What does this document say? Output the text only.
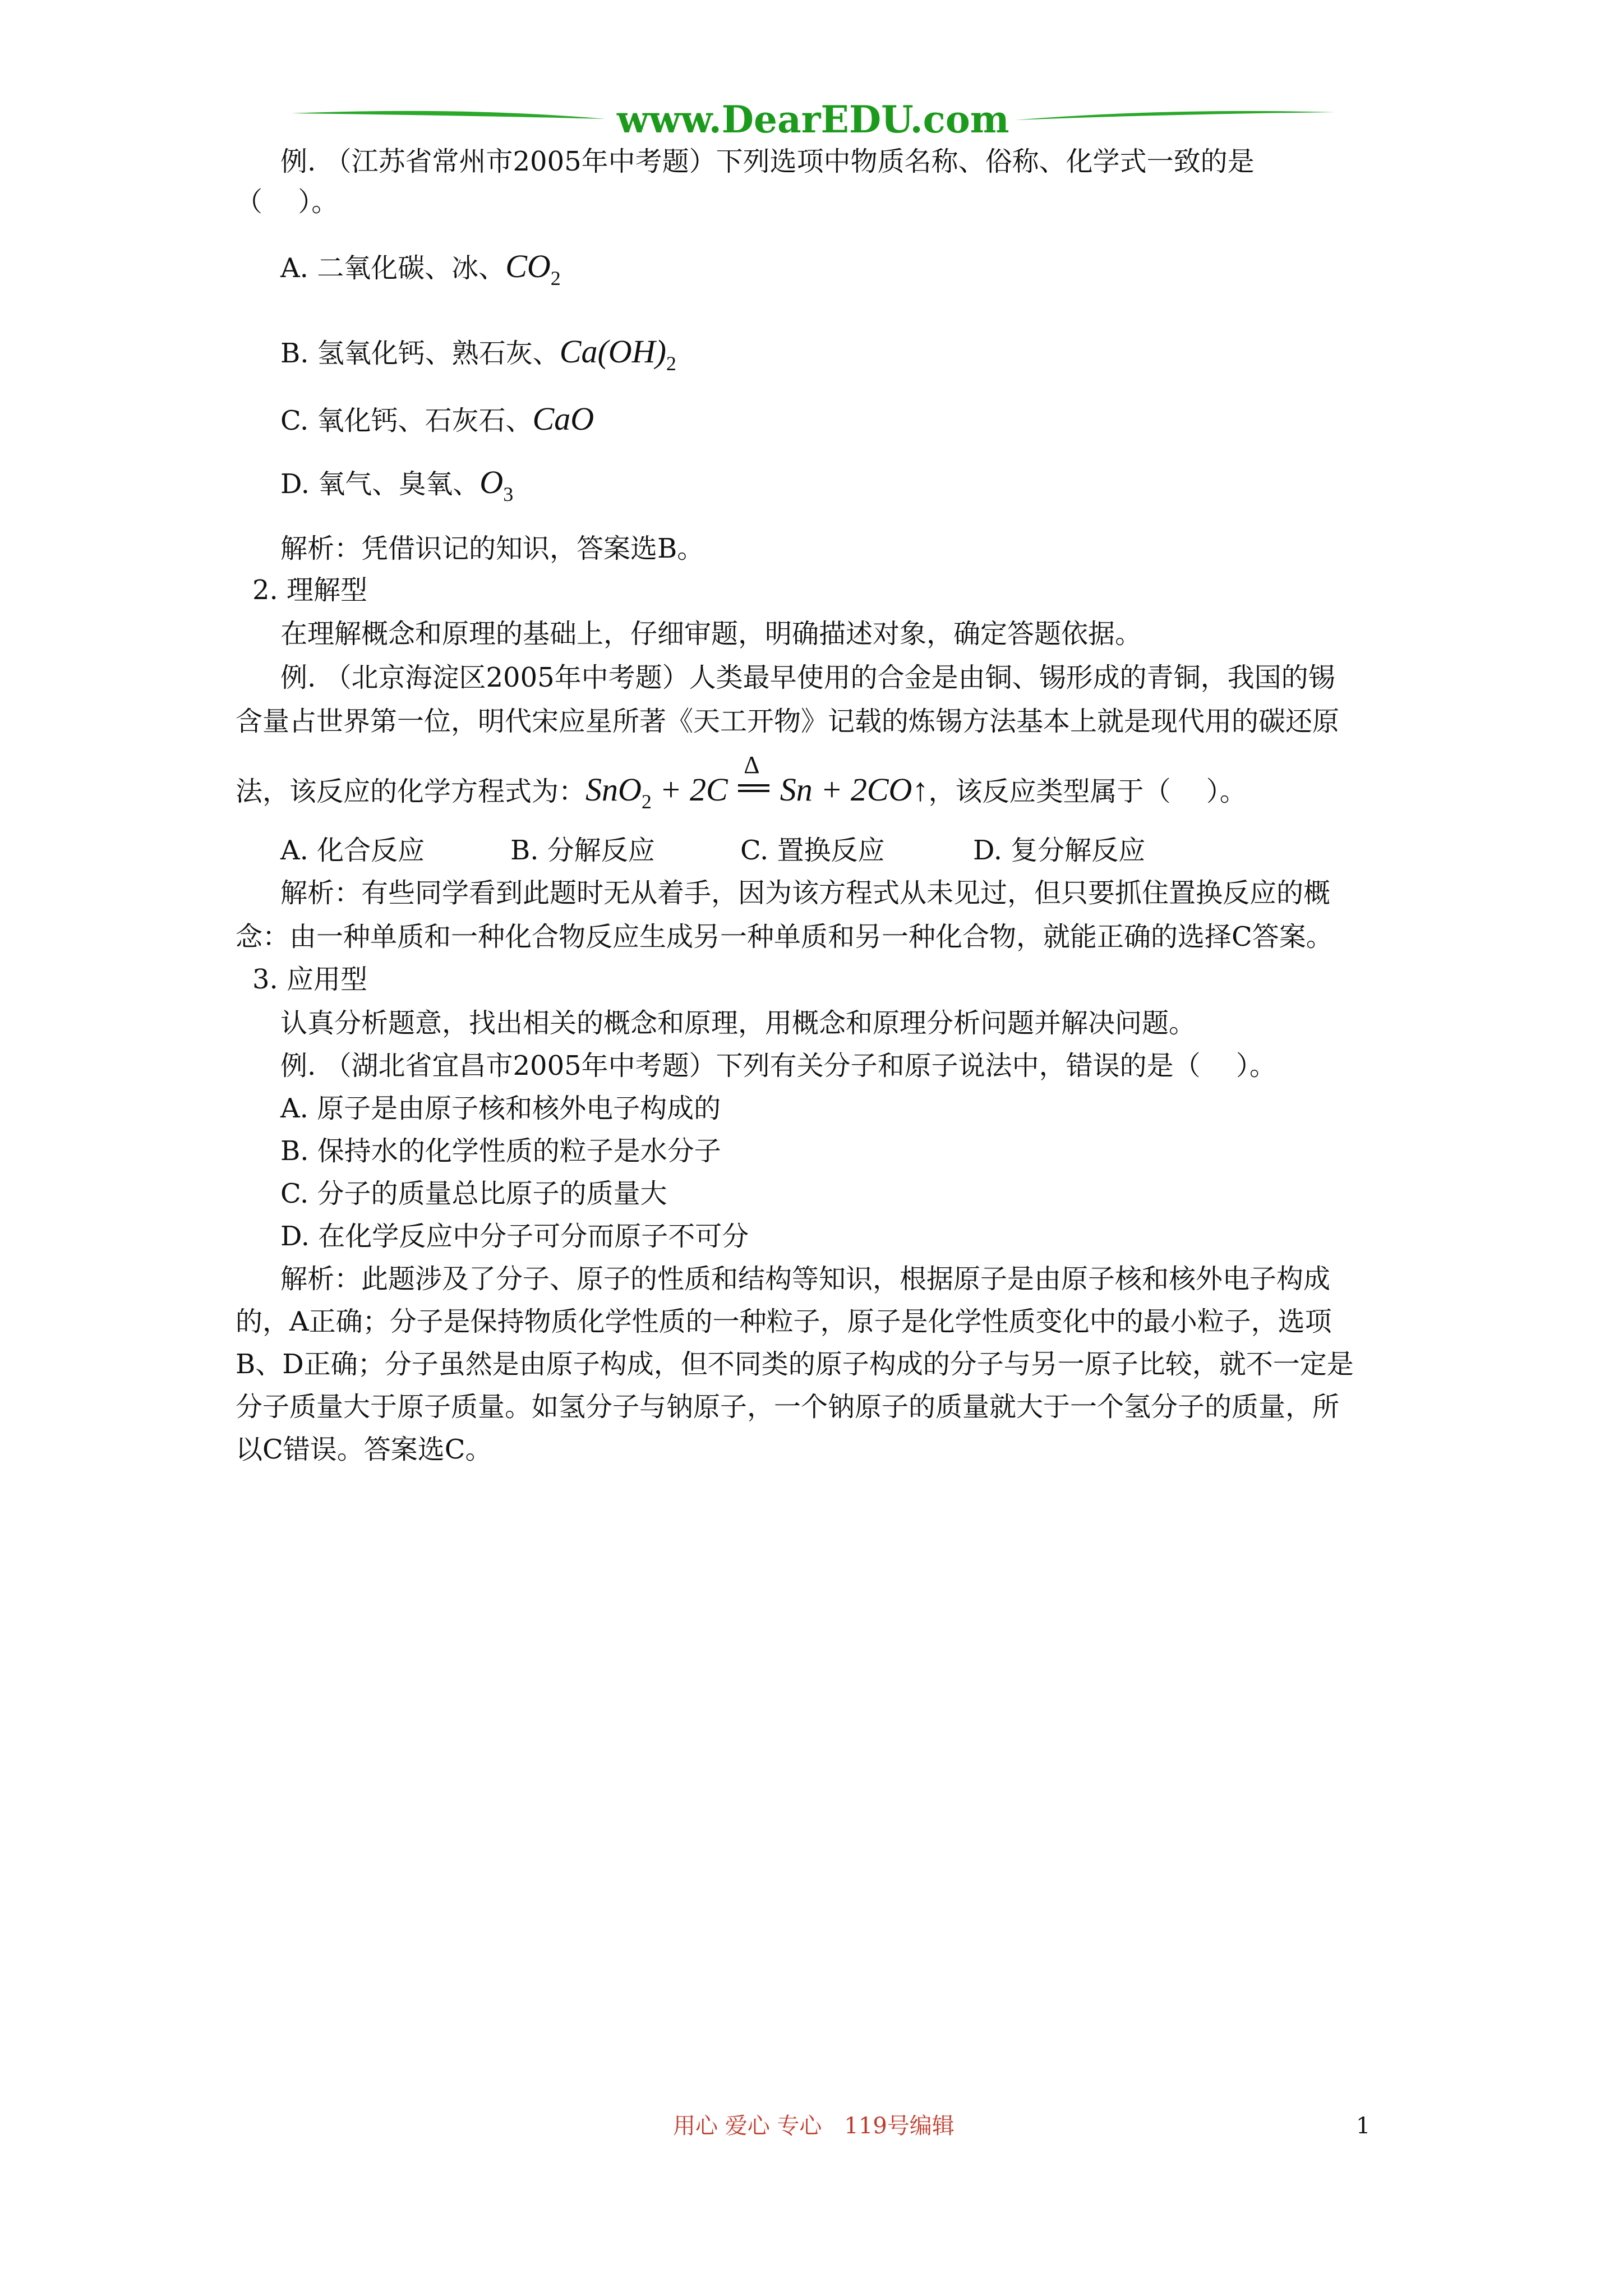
www.DearEDU.com
例. （江苏省常州市2005年中考题）下列选项中物质名称、俗称、化学式一致的是
（　 ）。
A. 二氧化碳、冰、$CO_2$
B. 氢氧化钙、熟石灰、$Ca(OH)_2$
C. 氧化钙、石灰石、CaO
D. 氧气、臭氧、$O_3$
解析：凭借识记的知识，答案选B。
2. 理解型
在理解概念和原理的基础上，仔细审题，明确描述对象，确定答题依据。
例. （北京海淀区2005年中考题）人类最早使用的合金是由铜、锡形成的青铜，我国的锡
含量占世界第一位，明代宋应星所著《天工开物》记载的炼锡方法基本上就是现代用的碳还原
法，该反应的化学方程式为：SnO$_2$ + 2C
Δ
Sn + 2CO↑，该反应类型属于（　 ）。
A. 化合反应	B. 分解反应	C. 置换反应	D. 复分解反应
解析：有些同学看到此题时无从着手，因为该方程式从未见过，但只要抓住置换反应的概
念：由一种单质和一种化合物反应生成另一种单质和另一种化合物，就能正确的选择C答案。
3. 应用型
认真分析题意，找出相关的概念和原理，用概念和原理分析问题并解决问题。
例. （湖北省宜昌市2005年中考题）下列有关分子和原子说法中，错误的是（　 ）。
A. 原子是由原子核和核外电子构成的
B. 保持水的化学性质的粒子是水分子
C. 分子的质量总比原子的质量大
D. 在化学反应中分子可分而原子不可分
解析：此题涉及了分子、原子的性质和结构等知识，根据原子是由原子核和核外电子构成
的，A正确；分子是保持物质化学性质的一种粒子，原子是化学性质变化中的最小粒子，选项
B、D正确；分子虽然是由原子构成，但不同类的原子构成的分子与另一原子比较，就不一定是
分子质量大于原子质量。如氢分子与钠原子，一个钠原子的质量就大于一个氢分子的质量，所
以C错误。答案选C。
用心 爱心 专心　119号编辑	1
